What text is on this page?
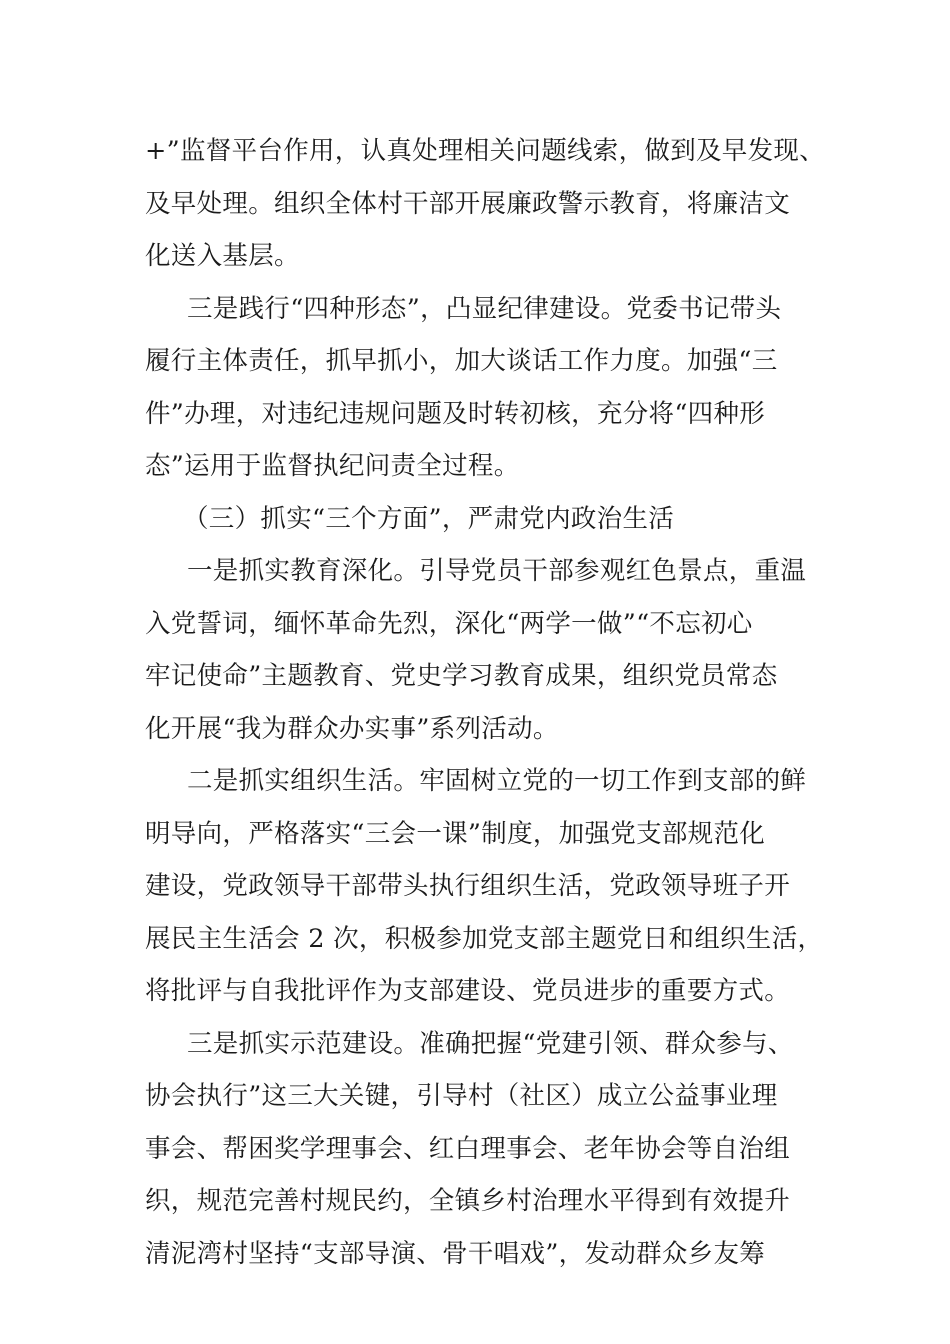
+”监督平台作用，认真处理相关问题线索，做到及早发现、
及早处理。组织全体村干部开展廉政警示教育，将廉洁文
化送入基层。
三是践行“四种形态”，凸显纪律建设。党委书记带头
履行主体责任，抓早抓小，加大谈话工作力度。加强“三
件”办理，对违纪违规问题及时转初核，充分将“四种形
态”运用于监督执纪问责全过程。
（三）抓实“三个方面”，严肃党内政治生活
一是抓实教育深化。引导党员干部参观红色景点，重温
入党誓词，缅怀革命先烈，深化“两学一做”“不忘初心
牢记使命”主题教育、党史学习教育成果，组织党员常态
化开展“我为群众办实事”系列活动。
二是抓实组织生活。牢固树立党的一切工作到支部的鲜
明导向，严格落实“三会一课”制度，加强党支部规范化
建设，党政领导干部带头执行组织生活，党政领导班子开
展民主生活会 2 次，积极参加党支部主题党日和组织生活，
将批评与自我批评作为支部建设、党员进步的重要方式。
三是抓实示范建设。准确把握“党建引领、群众参与、
协会执行”这三大关键，引导村（社区）成立公益事业理
事会、帮困奖学理事会、红白理事会、老年协会等自治组
织，规范完善村规民约，全镇乡村治理水平得到有效提升
清泥湾村坚持“支部导演、骨干唱戏”，发动群众乡友筹
